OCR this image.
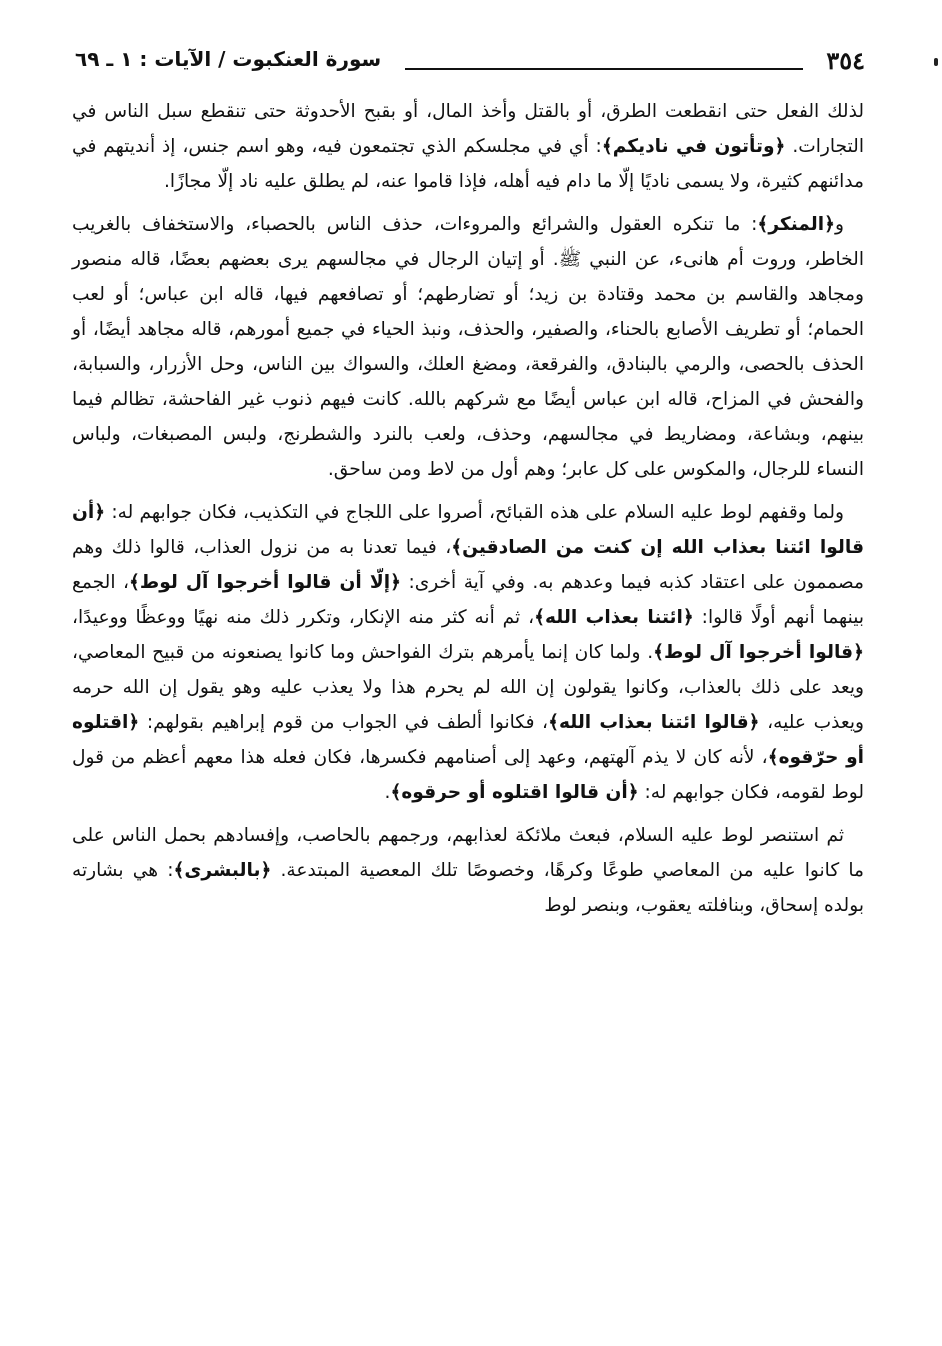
٣٥٤
سورة العنكبوت / الآيات : ١ ـ ٦٩

لذلك الفعل حتى انقطعت الطرق، أو بالقتل وأخذ المال، أو بقبح الأحدوثة حتى تنقطع سبل الناس في التجارات. ﴿وتأتون في ناديكم﴾: أي في مجلسكم الذي تجتمعون فيه، وهو اسم جنس، إذ أنديتهم في مدائنهم كثيرة، ولا يسمى ناديًا إلّا ما دام فيه أهله، فإذا قاموا عنه، لم يطلق عليه ناد إلّا مجازًا.

و﴿المنكر﴾: ما تنكره العقول والشرائع والمروءات، حذف الناس بالحصباء، والاستخفاف بالغريب الخاطر، وروت أم هانىء، عن النبي ﷺ. أو إتيان الرجال في مجالسهم يرى بعضهم بعضًا، قاله منصور ومجاهد والقاسم بن محمد وقتادة بن زيد؛ أو تضارطهم؛ أو تصافعهم فيها، قاله ابن عباس؛ أو لعب الحمام؛ أو تطريف الأصابع بالحناء، والصفير، والحذف، ونبذ الحياء في جميع أمورهم، قاله مجاهد أيضًا، أو الحذف بالحصى، والرمي بالبنادق، والفرقعة، ومضغ العلك، والسواك بين الناس، وحل الأزرار، والسبابة، والفحش في المزاح، قاله ابن عباس أيضًا مع شركهم بالله. كانت فيهم ذنوب غير الفاحشة، تظالم فيما بينهم، وبشاعة، ومضاريط في مجالسهم، وحذف، ولعب بالنرد والشطرنج، ولبس المصبغات، ولباس النساء للرجال، والمكوس على كل عابر؛ وهم أول من لاط ومن ساحق.

ولما وقفهم لوط عليه السلام على هذه القبائح، أصروا على اللجاج في التكذيب، فكان جوابهم له: ﴿أن قالوا ائتنا بعذاب الله إن كنت من الصادقين﴾، فيما تعدنا به من نزول العذاب، قالوا ذلك وهم مصممون على اعتقاد كذبه فيما وعدهم به. وفي آية أخرى: ﴿إلّا أن قالوا أخرجوا آل لوط﴾، الجمع بينهما أنهم أولًا قالوا: ﴿ائتنا بعذاب الله﴾، ثم أنه كثر منه الإنكار، وتكرر ذلك منه نهيًا ووعظًا ووعيدًا، ﴿قالوا أخرجوا آل لوط﴾. ولما كان إنما يأمرهم بترك الفواحش وما كانوا يصنعونه من قبيح المعاصي، ويعد على ذلك بالعذاب، وكانوا يقولون إن الله لم يحرم هذا ولا يعذب عليه وهو يقول إن الله حرمه ويعذب عليه، ﴿قالوا ائتنا بعذاب الله﴾، فكانوا ألطف في الجواب من قوم إبراهيم بقولهم: ﴿اقتلوه أو حرّقوه﴾، لأنه كان لا يذم آلهتهم، وعهد إلى أصنامهم فكسرها، فكان فعله هذا معهم أعظم من قول لوط لقومه، فكان جوابهم له: ﴿أن قالوا اقتلوه أو حرقوه﴾.

ثم استنصر لوط عليه السلام، فبعث ملائكة لعذابهم، ورجمهم بالحاصب، وإفسادهم بحمل الناس على ما كانوا عليه من المعاصي طوعًا وكرهًا، وخصوصًا تلك المعصية المبتدعة. ﴿بالبشرى﴾: هي بشارته بولده إسحاق، وبنافلته يعقوب، وبنصر لوط
